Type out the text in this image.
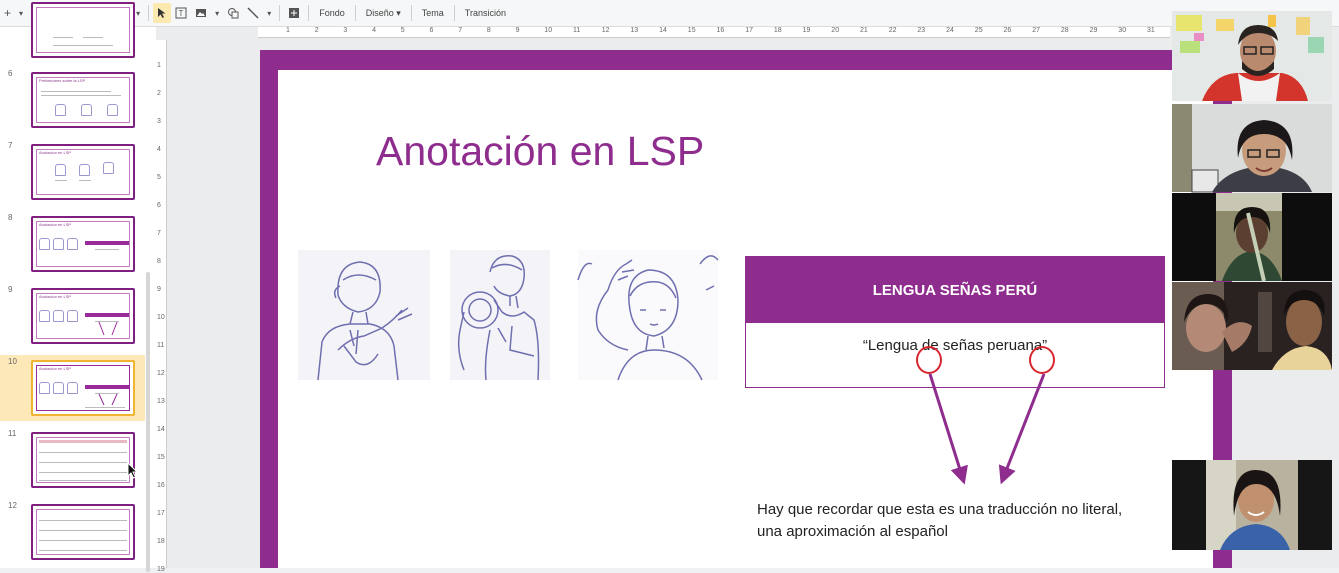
+	▾	▾	T	▾	▾	Fondo	Diseño ▾	Tema	Transición
6
Preliminares sobre la LSP
7
Anotación en LSP
8
Anotación en LSP
9
Anotación en LSP
10
Anotación en LSP
11
12
1	2	3	4	5	6	7	8	9	10	11	12	13	14	15	16	17	18	19	20	21	22	23	24	25	26	27	28	29	30	31
1
2
3
4
5
6
7
8
9
10
11
12
13
14
15
16
17
18
19
Anotación en LSP
LENGUA SEÑAS PERÚ
“Lengua de señas peruana”
Hay que recordar que esta es una traducción no literal,
una aproximación al español
